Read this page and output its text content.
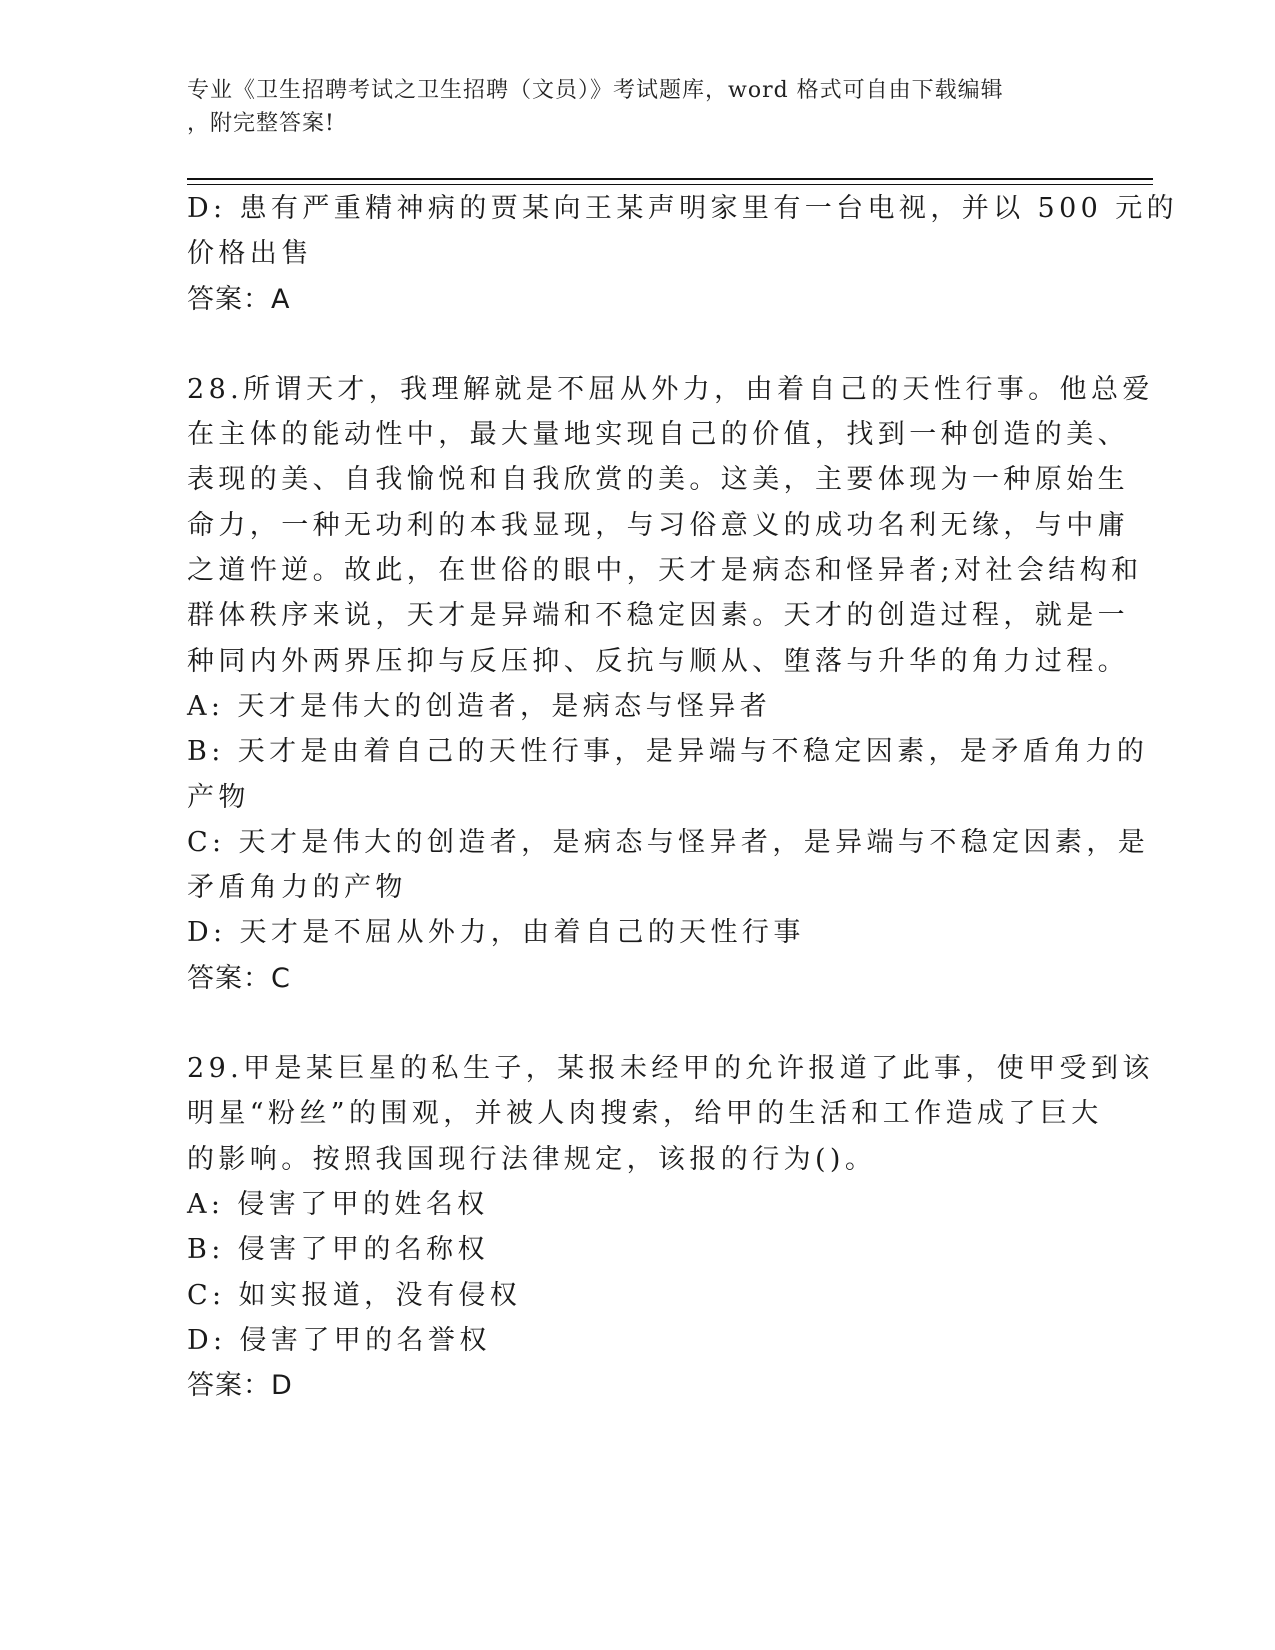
专业《卫生招聘考试之卫生招聘（文员）》考试题库，word 格式可自由下载编辑
，附完整答案!
D: 患有严重精神病的贾某向王某声明家里有一台电视，并以 500 元的
价格出售
答案：A
28.所谓天才，我理解就是不屈从外力，由着自己的天性行事。他总爱
在主体的能动性中，最大量地实现自己的价值，找到一种创造的美、
表现的美、自我愉悦和自我欣赏的美。这美，主要体现为一种原始生
命力，一种无功利的本我显现，与习俗意义的成功名利无缘，与中庸
之道忤逆。故此，在世俗的眼中，天才是病态和怪异者;对社会结构和
群体秩序来说，天才是异端和不稳定因素。天才的创造过程，就是一
种同内外两界压抑与反压抑、反抗与顺从、堕落与升华的角力过程。
A: 天才是伟大的创造者，是病态与怪异者
B: 天才是由着自己的天性行事，是异端与不稳定因素，是矛盾角力的
产物
C: 天才是伟大的创造者，是病态与怪异者，是异端与不稳定因素，是
矛盾角力的产物
D: 天才是不屈从外力，由着自己的天性行事
答案：C
29.甲是某巨星的私生子，某报未经甲的允许报道了此事，使甲受到该
明星“粉丝”的围观，并被人肉搜索，给甲的生活和工作造成了巨大
的影响。按照我国现行法律规定，该报的行为()。
A: 侵害了甲的姓名权
B: 侵害了甲的名称权
C: 如实报道，没有侵权
D: 侵害了甲的名誉权
答案：D
